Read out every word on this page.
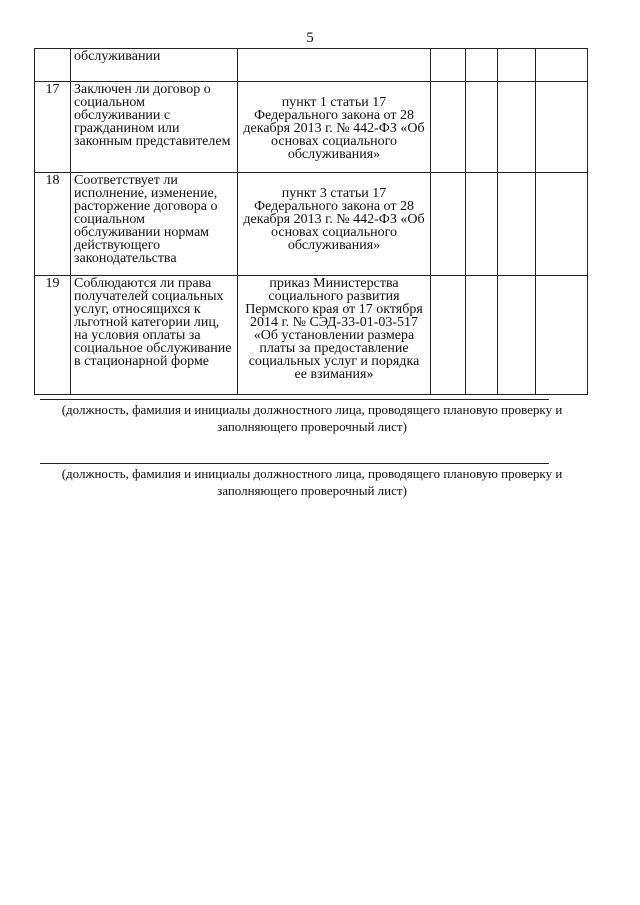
5
	обслуживании					
17	Заключен ли договор о социальном обслуживании с гражданином или законным представителем	пункт 1 статьи 17 Федерального закона от 28 декабря 2013 г. № 442-ФЗ «Об основах социального обслуживания»				
18	Соответствует ли исполнение, изменение, расторжение договора о социальном обслуживании нормам действующего законодательства	пункт 3 статьи 17 Федерального закона от 28 декабря 2013 г. № 442-ФЗ «Об основах социального обслуживания»				
19	Соблюдаются ли права получателей социальных услуг, относящихся к льготной категории лиц, на условия оплаты за социальное обслуживание в стационарной форме	приказ Министерства социального развития Пермского края от 17 октября 2014 г. № СЭД-33-01-03-517 «Об установлении размера платы за предоставление социальных услуг и порядка ее взимания»				
(должность, фамилия и инициалы должностного лица, проводящего плановую проверку и заполняющего проверочный лист)
(должность, фамилия и инициалы должностного лица, проводящего плановую проверку и заполняющего проверочный лист)
